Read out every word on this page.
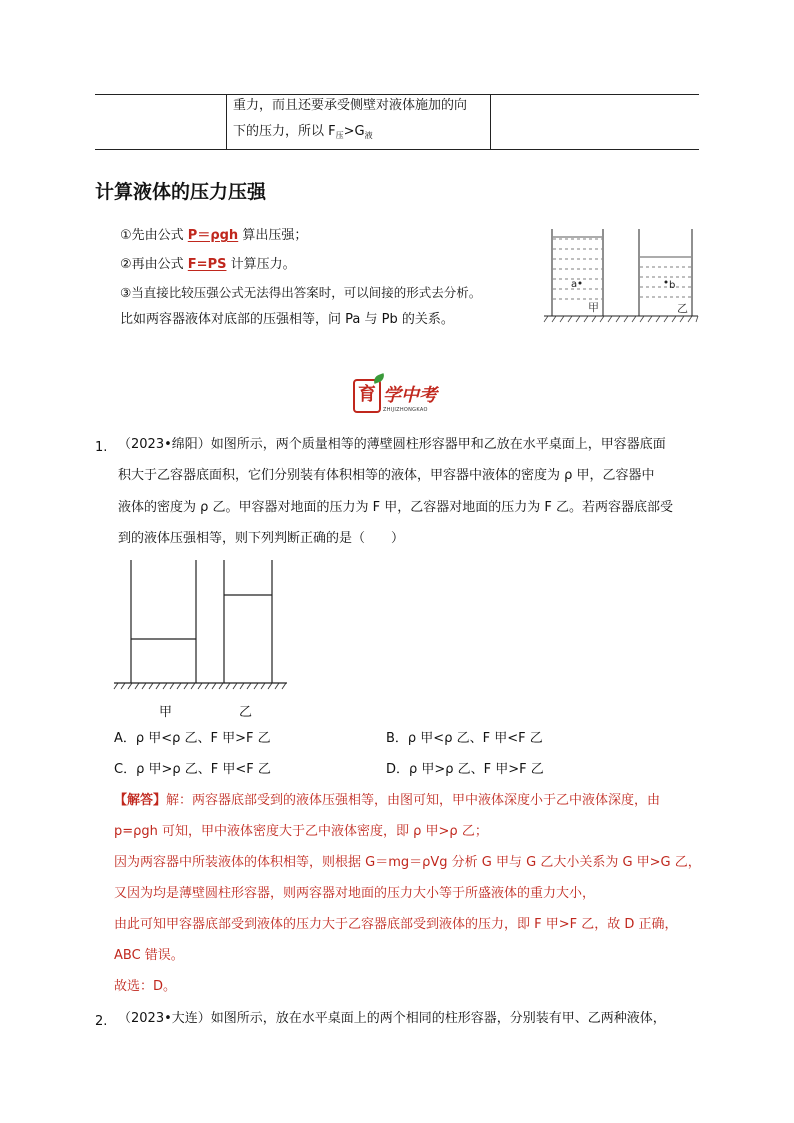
重力，而且还要承受侧壁对液体施加的向
下的压力，所以 $F_压>G_液$
计算液体的压力压强
①先由公式 P＝ρgh 算出压强；
②再由公式 F=PS 计算压力。
③当直接比较压强公式无法得出答案时，可以间接的形式去分析。
比如两容器液体对底部的压强相等，问 Pa 与 Pb 的关系。
a
甲
b
乙
育 学中考
ZHIJIZHONGKAO
1. （2023•绵阳）如图所示，两个质量相等的薄壁圆柱形容器甲和乙放在水平桌面上，甲容器底面
积大于乙容器底面积，它们分别装有体积相等的液体，甲容器中液体的密度为 ρ 甲，乙容器中
液体的密度为 ρ 乙。甲容器对地面的压力为 F 甲，乙容器对地面的压力为 F 乙。若两容器底部受
到的液体压强相等，则下列判断正确的是（　　）
甲	乙
A．ρ 甲<ρ 乙、F 甲>F 乙	B．ρ 甲<ρ 乙、F 甲<F 乙
C．ρ 甲>ρ 乙、F 甲<F 乙	D．ρ 甲>ρ 乙、F 甲>F 乙
【解答】解：两容器底部受到的液体压强相等，由图可知，甲中液体深度小于乙中液体深度，由
p=ρgh 可知，甲中液体密度大于乙中液体密度，即 ρ 甲>ρ 乙；
因为两容器中所装液体的体积相等，则根据 G＝mg＝ρVg 分析 G 甲与 G 乙大小关系为 G 甲>G 乙，
又因为均是薄壁圆柱形容器，则两容器对地面的压力大小等于所盛液体的重力大小，
由此可知甲容器底部受到液体的压力大于乙容器底部受到液体的压力，即 F 甲>F 乙，故 D 正确，
ABC 错误。
故选：D。
2. （2023•大连）如图所示，放在水平桌面上的两个相同的柱形容器，分别装有甲、乙两种液体，
